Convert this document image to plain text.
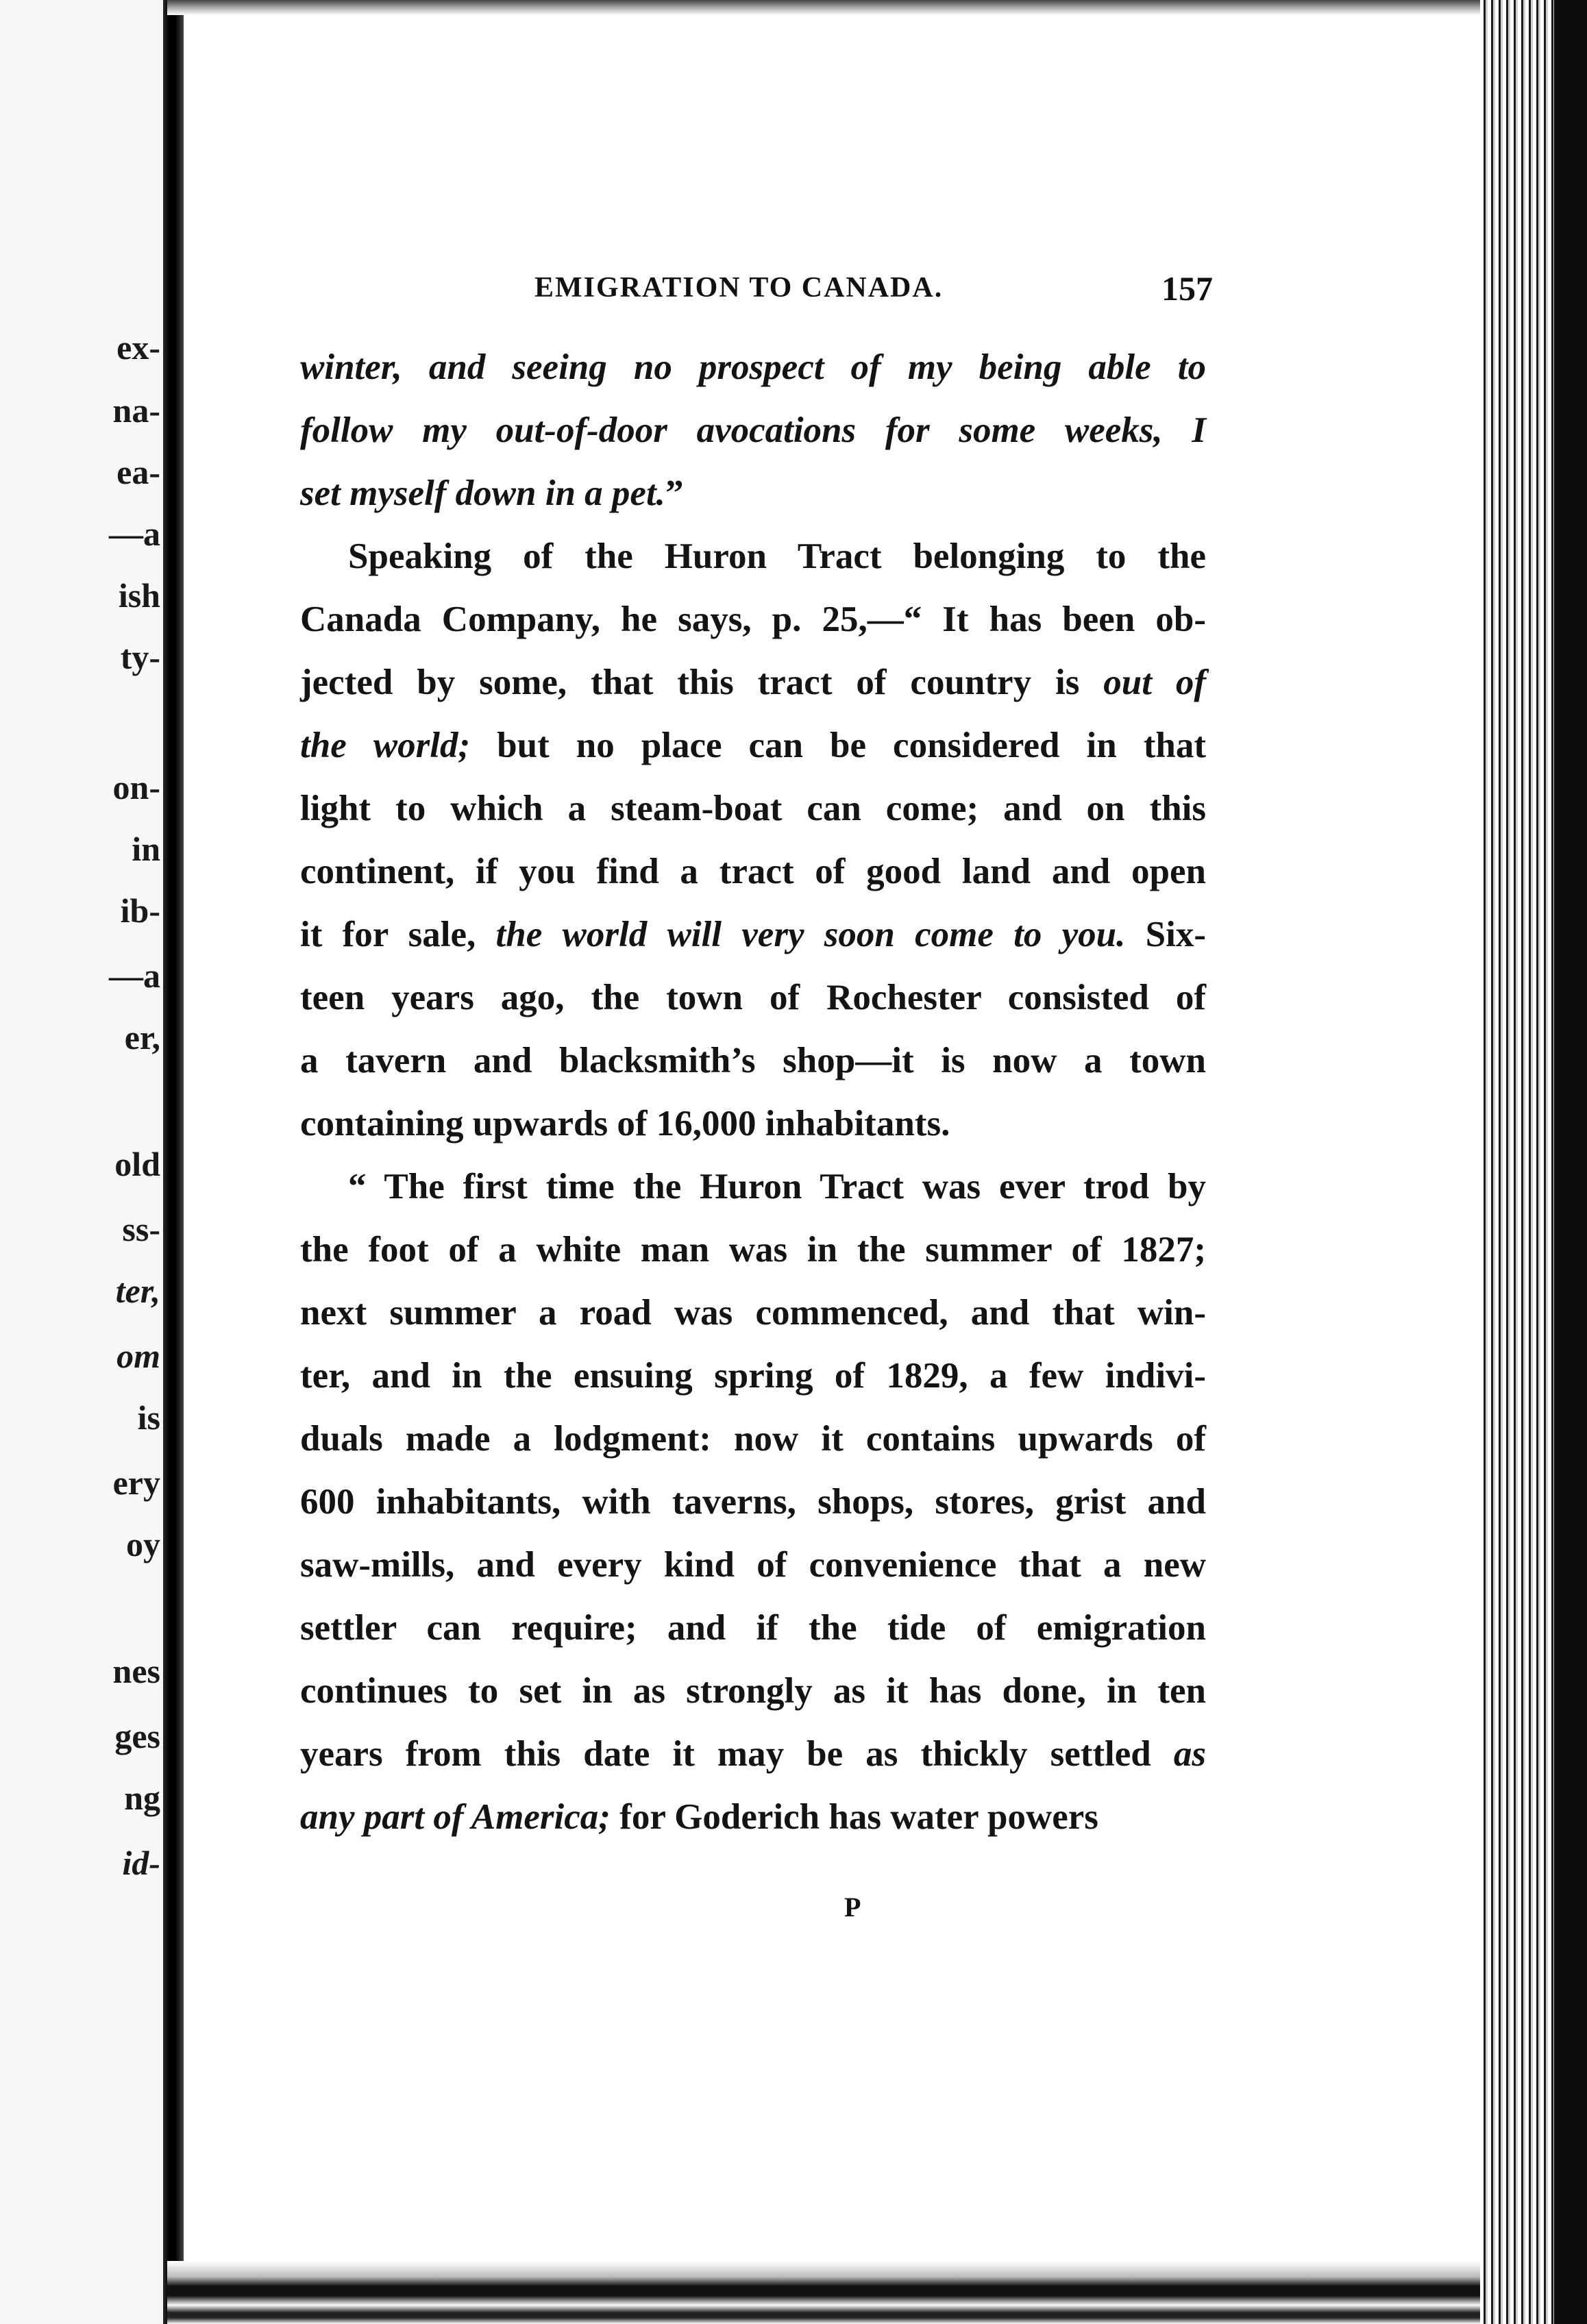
ex-
na-
ea-
—a
ish
ty-
on-
in
ib-
—a
er,
old
ss-
ter,
om
is
ery
oy
nes
ges
ng
id-
EMIGRATION TO CANADA.	157
winter, and seeing no prospect of my being able to
follow my out-of-door avocations for some weeks, I
set myself down in a pet.”
Speaking of the Huron Tract belonging to the
Canada Company, he says, p. 25,—“ It has been ob-
jected by some, that this tract of country is out of
the world; but no place can be considered in that
light to which a steam-boat can come; and on this
continent, if you find a tract of good land and open
it for sale, the world will very soon come to you. Six-
teen years ago, the town of Rochester consisted of
a tavern and blacksmith’s shop—it is now a town
containing upwards of 16,000 inhabitants.
“ The first time the Huron Tract was ever trod by
the foot of a white man was in the summer of 1827;
next summer a road was commenced, and that win-
ter, and in the ensuing spring of 1829, a few indivi-
duals made a lodgment: now it contains upwards of
600 inhabitants, with taverns, shops, stores, grist and
saw-mills, and every kind of convenience that a new
settler can require; and if the tide of emigration
continues to set in as strongly as it has done, in ten
years from this date it may be as thickly settled as
any part of America; for Goderich has water powers
P
